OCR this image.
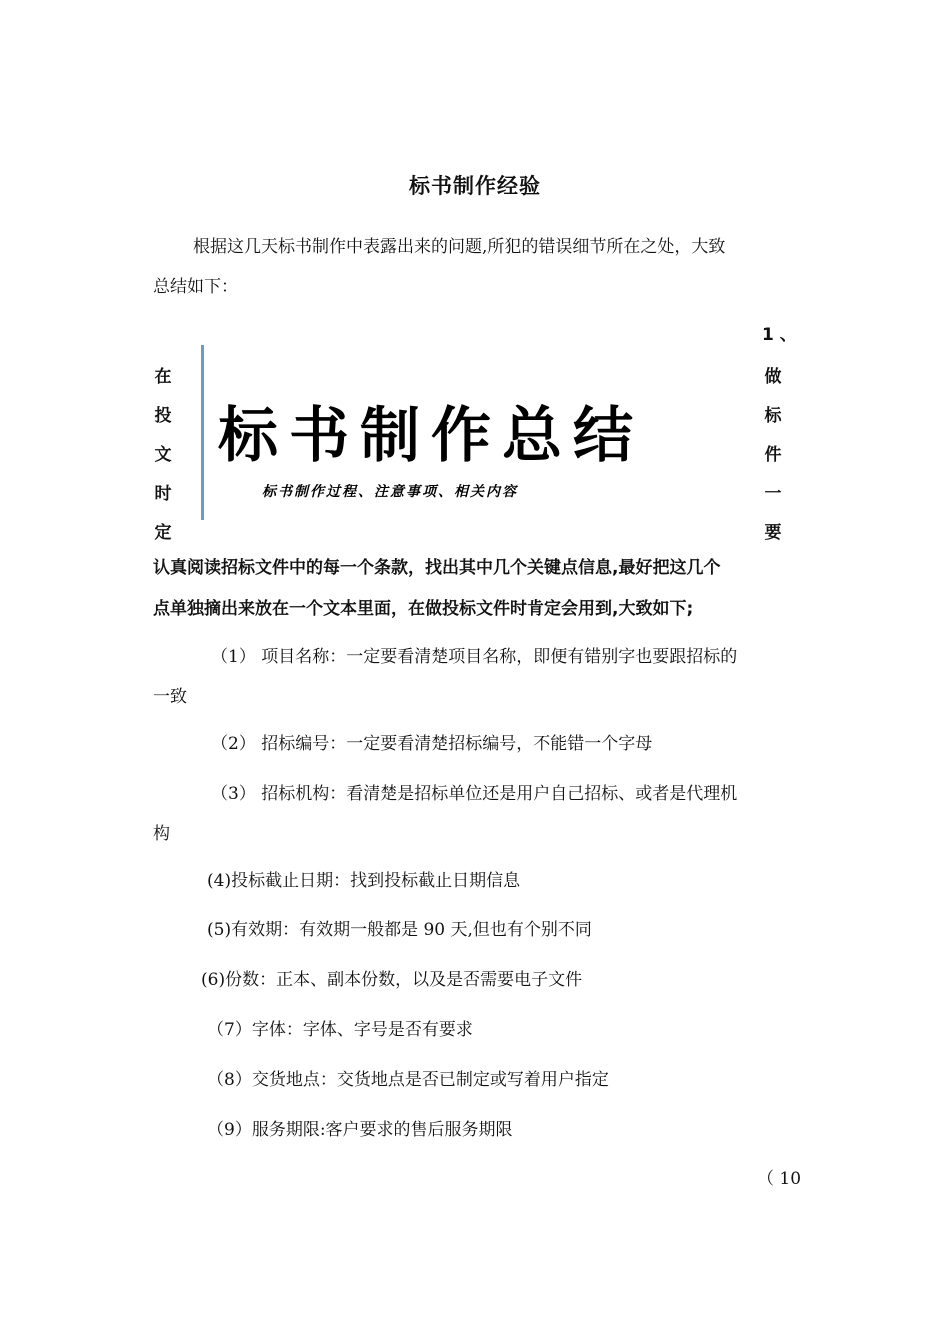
标书制作经验
根据这几天标书制作中表露出来的问题,所犯的错误细节所在之处，大致
总结如下：
1 、
在
投
文
时
定
做
标
件
一
要
标书制作总结
标书制作过程、注意事项、相关内容
认真阅读招标文件中的每一个条款，找出其中几个关键点信息,最好把这几个
点单独摘出来放在一个文本里面，在做投标文件时肯定会用到,大致如下;
（1） 项目名称：一定要看清楚项目名称，即便有错别字也要跟招标的
一致
（2） 招标编号：一定要看清楚招标编号，不能错一个字母
（3） 招标机构：看清楚是招标单位还是用户自己招标、或者是代理机
构
(4)投标截止日期：找到投标截止日期信息
(5)有效期：有效期一般都是 90 天,但也有个别不同
(6)份数：正本、副本份数，以及是否需要电子文件
（7）字体：字体、字号是否有要求
（8）交货地点：交货地点是否已制定或写着用户指定
（9）服务期限:客户要求的售后服务期限
（ 10
